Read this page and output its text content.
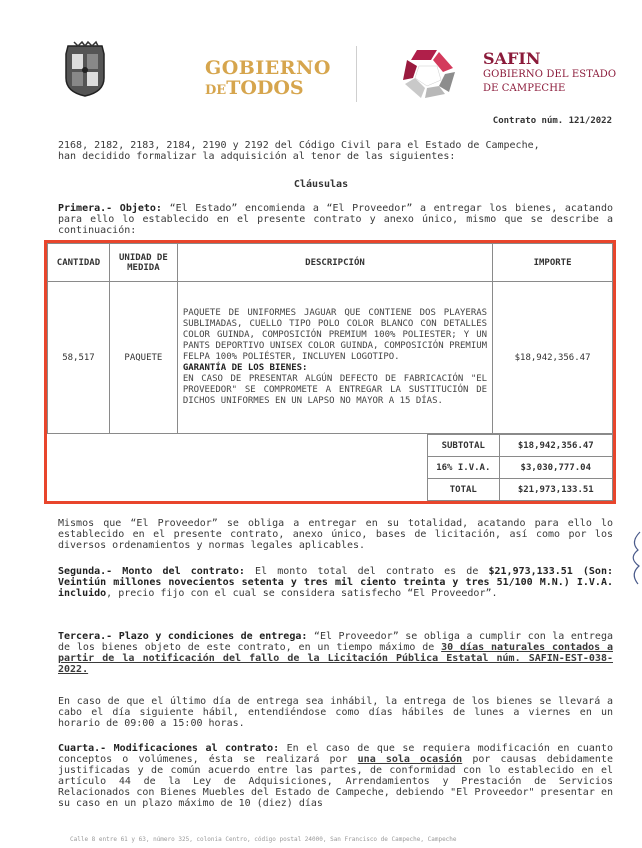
GOBIERNO
DETODOS
SAFIN
GOBIERNO DEL ESTADO
DE CAMPECHE
Contrato núm. 121/2022
2168, 2182, 2183, 2184, 2190 y 2192 del Código Civil para el Estado de Campeche,
han decidido formalizar la adquisición al tenor de las siguientes:
Cláusulas
Primera.- Objeto: “El Estado” encomienda a “El Proveedor” a entregar los bienes, acatando para ello lo establecido en el presente contrato y anexo único, mismo que se describe a continuación:
CANTIDAD	UNIDAD DE MEDIDA	DESCRIPCIÓN	IMPORTE
58,517	PAQUETE	PAQUETE DE UNIFORMES JAGUAR QUE CONTIENE DOS PLAYERAS SUBLIMADAS, CUELLO TIPO POLO COLOR BLANCO CON DETALLES COLOR GUINDA, COMPOSICIÓN PREMIUM 100% POLIESTER; Y UN PANTS DEPORTIVO UNISEX COLOR GUINDA, COMPOSICIÓN PREMIUM FELPA 100% POLIÉSTER, INCLUYEN LOGOTIPO.
GARANTÍA DE LOS BIENES:
EN CASO DE PRESENTAR ALGÚN DEFECTO DE FABRICACIÓN "EL PROVEEDOR" SE COMPROMETE A ENTREGAR LA SUSTITUCIÓN DE DICHOS UNIFORMES EN UN LAPSO NO MAYOR A 15 DÍAS.	$18,942,356.47
SUBTOTAL	$18,942,356.47
16% I.V.A.	$3,030,777.04
TOTAL	$21,973,133.51
Mismos que “El Proveedor” se obliga a entregar en su totalidad, acatando para ello lo establecido en el presente contrato, anexo único, bases de licitación, así como por los diversos ordenamientos y normas legales aplicables.
Segunda.- Monto del contrato: El monto total del contrato es de $21,973,133.51 (Son: Veintiún millones novecientos setenta y tres mil ciento treinta y tres 51/100 M.N.) I.V.A. incluido, precio fijo con el cual se considera satisfecho “El Proveedor”.
Tercera.- Plazo y condiciones de entrega: “El Proveedor” se obliga a cumplir con la entrega de los bienes objeto de este contrato, en un tiempo máximo de 30 días naturales contados a partir de la notificación del fallo de la Licitación Pública Estatal núm. SAFIN-EST-038-2022.
En caso de que el último día de entrega sea inhábil, la entrega de los bienes se llevará a cabo el día siguiente hábil, entendiéndose como días hábiles de lunes a viernes en un horario de 09:00 a 15:00 horas.
Cuarta.- Modificaciones al contrato: En el caso de que se requiera modificación en cuanto conceptos o volúmenes, ésta se realizará por una sola ocasión por causas debidamente justificadas y de común acuerdo entre las partes, de conformidad con lo establecido en el artículo 44 de la Ley de Adquisiciones, Arrendamientos y Prestación de Servicios Relacionados con Bienes Muebles del Estado de Campeche, debiendo "El Proveedor" presentar en su caso en un plazo máximo de 10 (diez) días
Calle 8 entre 61 y 63, número 325, colonia Centro, código postal 24000, San Francisco de Campeche, Campeche
